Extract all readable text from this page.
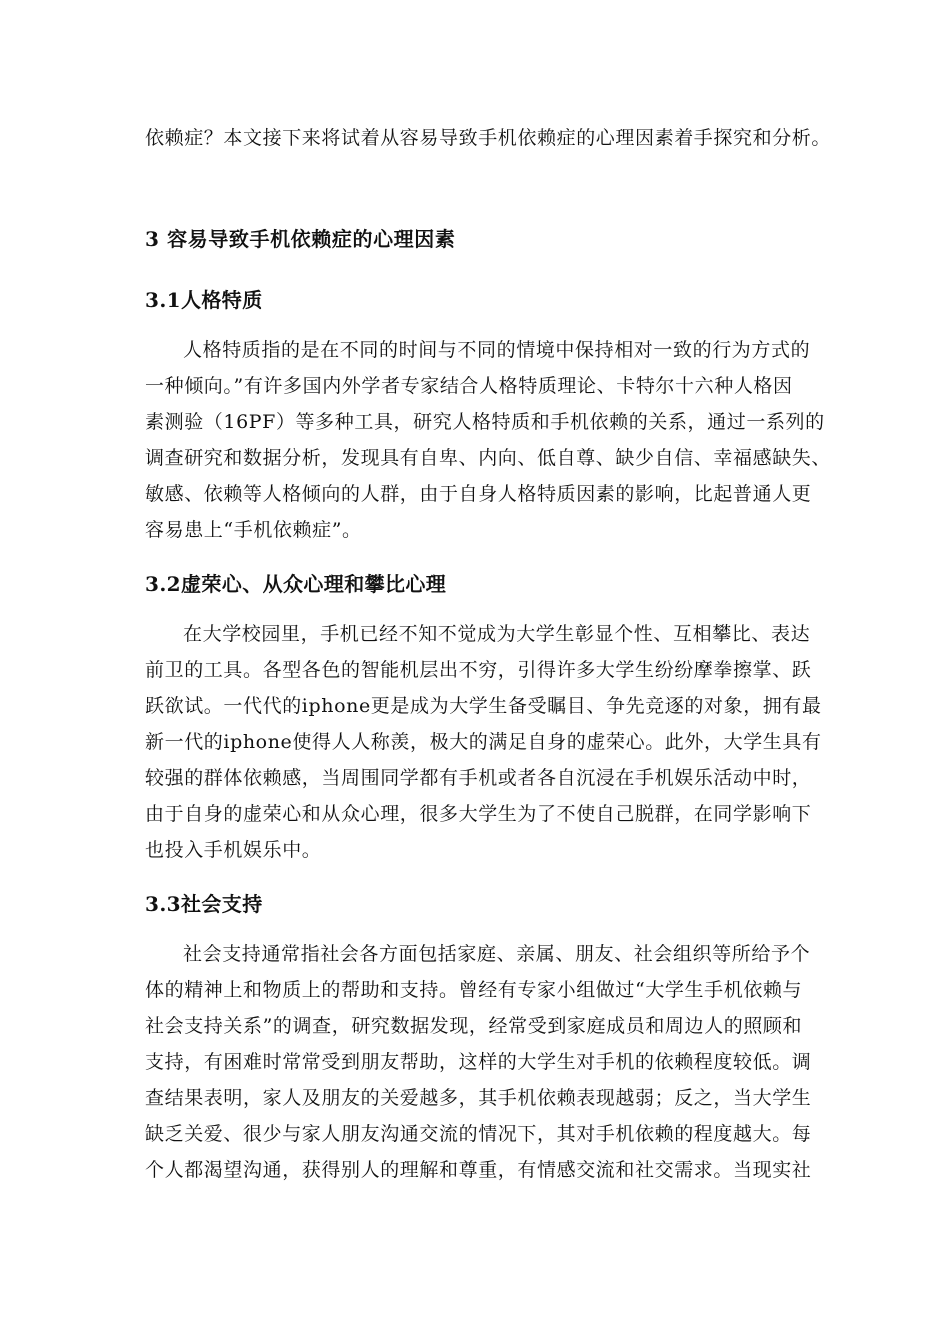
依赖症？本文接下来将试着从容易导致手机依赖症的心理因素着手探究和分析。
3 容易导致手机依赖症的心理因素
3.1人格特质
人格特质指的是在不同的时间与不同的情境中保持相对一致的行为方式的
一种倾向。”有许多国内外学者专家结合人格特质理论、卡特尔十六种人格因
素测验（16PF）等多种工具，研究人格特质和手机依赖的关系，通过一系列的
调查研究和数据分析，发现具有自卑、内向、低自尊、缺少自信、幸福感缺失、
敏感、依赖等人格倾向的人群，由于自身人格特质因素的影响，比起普通人更
容易患上“手机依赖症”。
3.2虚荣心、从众心理和攀比心理
在大学校园里，手机已经不知不觉成为大学生彰显个性、互相攀比、表达
前卫的工具。各型各色的智能机层出不穷，引得许多大学生纷纷摩拳擦掌、跃
跃欲试。一代代的iphone更是成为大学生备受瞩目、争先竞逐的对象，拥有最
新一代的iphone使得人人称羡，极大的满足自身的虚荣心。此外，大学生具有
较强的群体依赖感，当周围同学都有手机或者各自沉浸在手机娱乐活动中时，
由于自身的虚荣心和从众心理，很多大学生为了不使自己脱群，在同学影响下
也投入手机娱乐中。
3.3社会支持
社会支持通常指社会各方面包括家庭、亲属、朋友、社会组织等所给予个
体的精神上和物质上的帮助和支持。曾经有专家小组做过“大学生手机依赖与
社会支持关系”的调查，研究数据发现，经常受到家庭成员和周边人的照顾和
支持，有困难时常常受到朋友帮助，这样的大学生对手机的依赖程度较低。调
查结果表明，家人及朋友的关爱越多，其手机依赖表现越弱；反之，当大学生
缺乏关爱、很少与家人朋友沟通交流的情况下，其对手机依赖的程度越大。每
个人都渴望沟通，获得别人的理解和尊重，有情感交流和社交需求。当现实社
